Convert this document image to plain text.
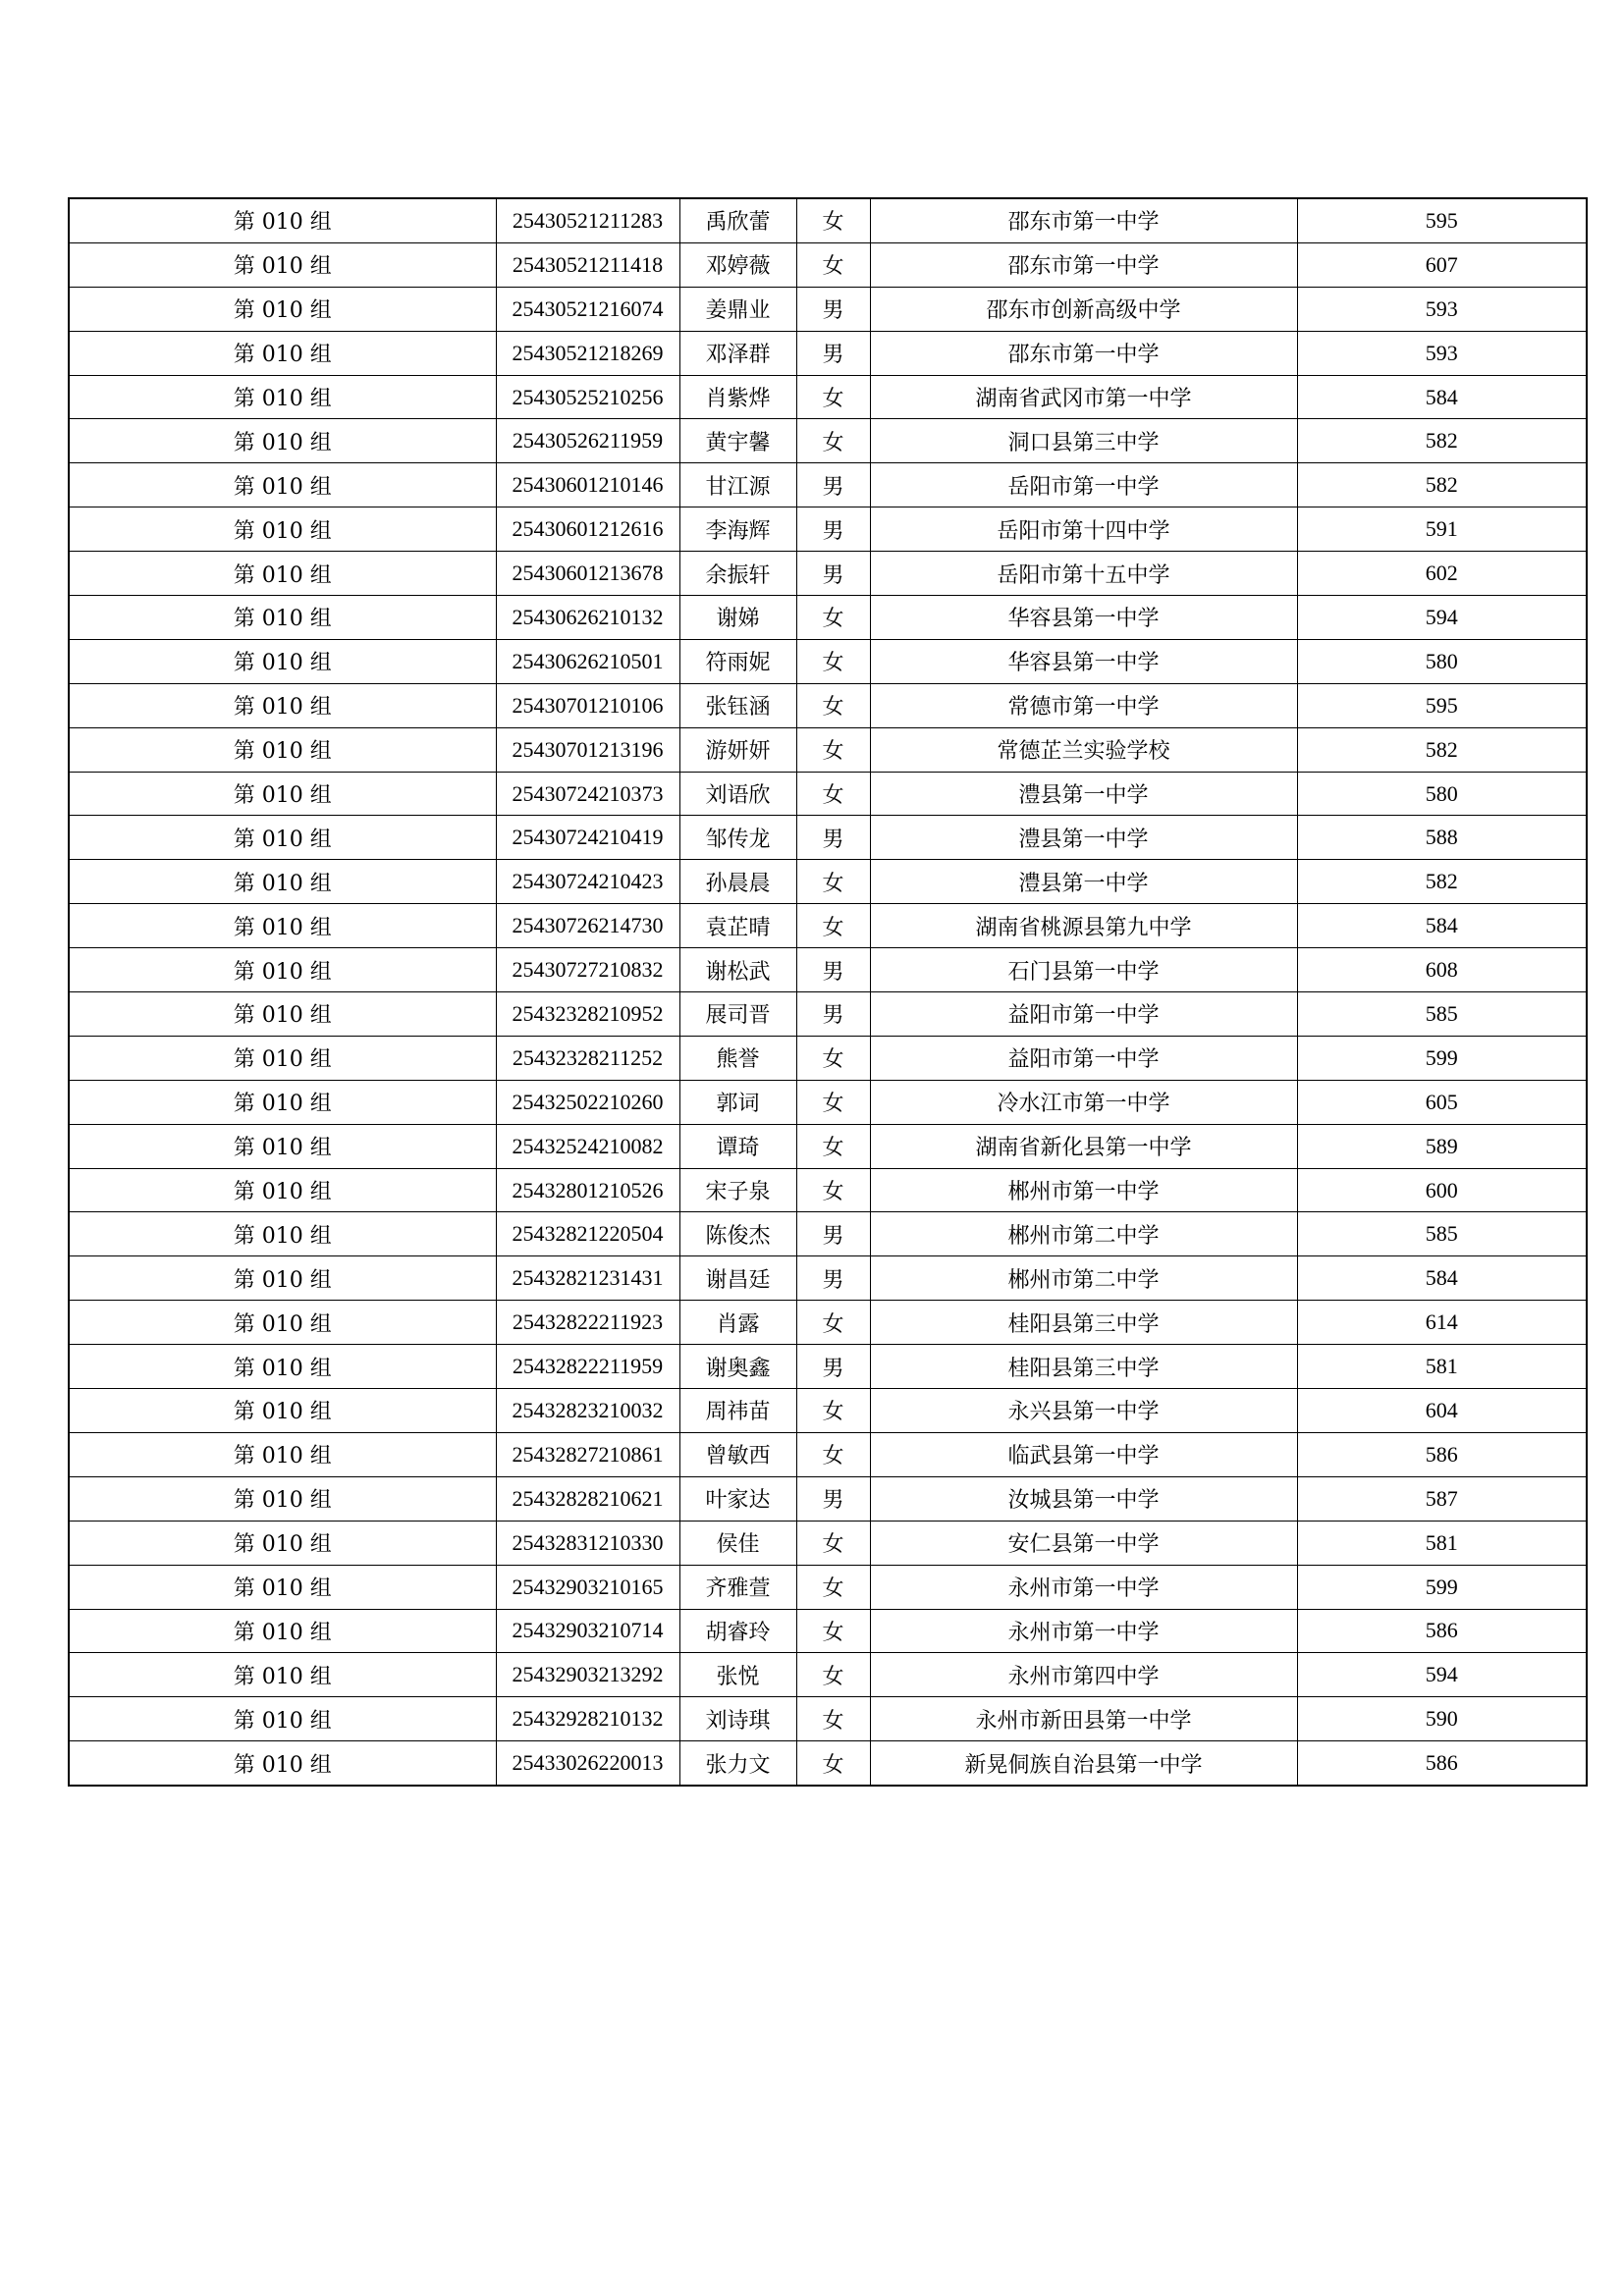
第 010 组	25430521211283	禹欣蕾	女	邵东市第一中学	595
第 010 组	25430521211418	邓婷薇	女	邵东市第一中学	607
第 010 组	25430521216074	姜鼎业	男	邵东市创新高级中学	593
第 010 组	25430521218269	邓泽群	男	邵东市第一中学	593
第 010 组	25430525210256	肖紫烨	女	湖南省武冈市第一中学	584
第 010 组	25430526211959	黄宇馨	女	洞口县第三中学	582
第 010 组	25430601210146	甘江源	男	岳阳市第一中学	582
第 010 组	25430601212616	李海辉	男	岳阳市第十四中学	591
第 010 组	25430601213678	余振轩	男	岳阳市第十五中学	602
第 010 组	25430626210132	谢娣	女	华容县第一中学	594
第 010 组	25430626210501	符雨妮	女	华容县第一中学	580
第 010 组	25430701210106	张钰涵	女	常德市第一中学	595
第 010 组	25430701213196	游妍妍	女	常德芷兰实验学校	582
第 010 组	25430724210373	刘语欣	女	澧县第一中学	580
第 010 组	25430724210419	邹传龙	男	澧县第一中学	588
第 010 组	25430724210423	孙晨晨	女	澧县第一中学	582
第 010 组	25430726214730	袁芷晴	女	湖南省桃源县第九中学	584
第 010 组	25430727210832	谢松武	男	石门县第一中学	608
第 010 组	25432328210952	展司晋	男	益阳市第一中学	585
第 010 组	25432328211252	熊誉	女	益阳市第一中学	599
第 010 组	25432502210260	郭词	女	冷水江市第一中学	605
第 010 组	25432524210082	谭琦	女	湖南省新化县第一中学	589
第 010 组	25432801210526	宋子泉	女	郴州市第一中学	600
第 010 组	25432821220504	陈俊杰	男	郴州市第二中学	585
第 010 组	25432821231431	谢昌廷	男	郴州市第二中学	584
第 010 组	25432822211923	肖露	女	桂阳县第三中学	614
第 010 组	25432822211959	谢奥鑫	男	桂阳县第三中学	581
第 010 组	25432823210032	周祎苗	女	永兴县第一中学	604
第 010 组	25432827210861	曾敏西	女	临武县第一中学	586
第 010 组	25432828210621	叶家达	男	汝城县第一中学	587
第 010 组	25432831210330	侯佳	女	安仁县第一中学	581
第 010 组	25432903210165	齐雅萱	女	永州市第一中学	599
第 010 组	25432903210714	胡睿玲	女	永州市第一中学	586
第 010 组	25432903213292	张悦	女	永州市第四中学	594
第 010 组	25432928210132	刘诗琪	女	永州市新田县第一中学	590
第 010 组	25433026220013	张力文	女	新晃侗族自治县第一中学	586
